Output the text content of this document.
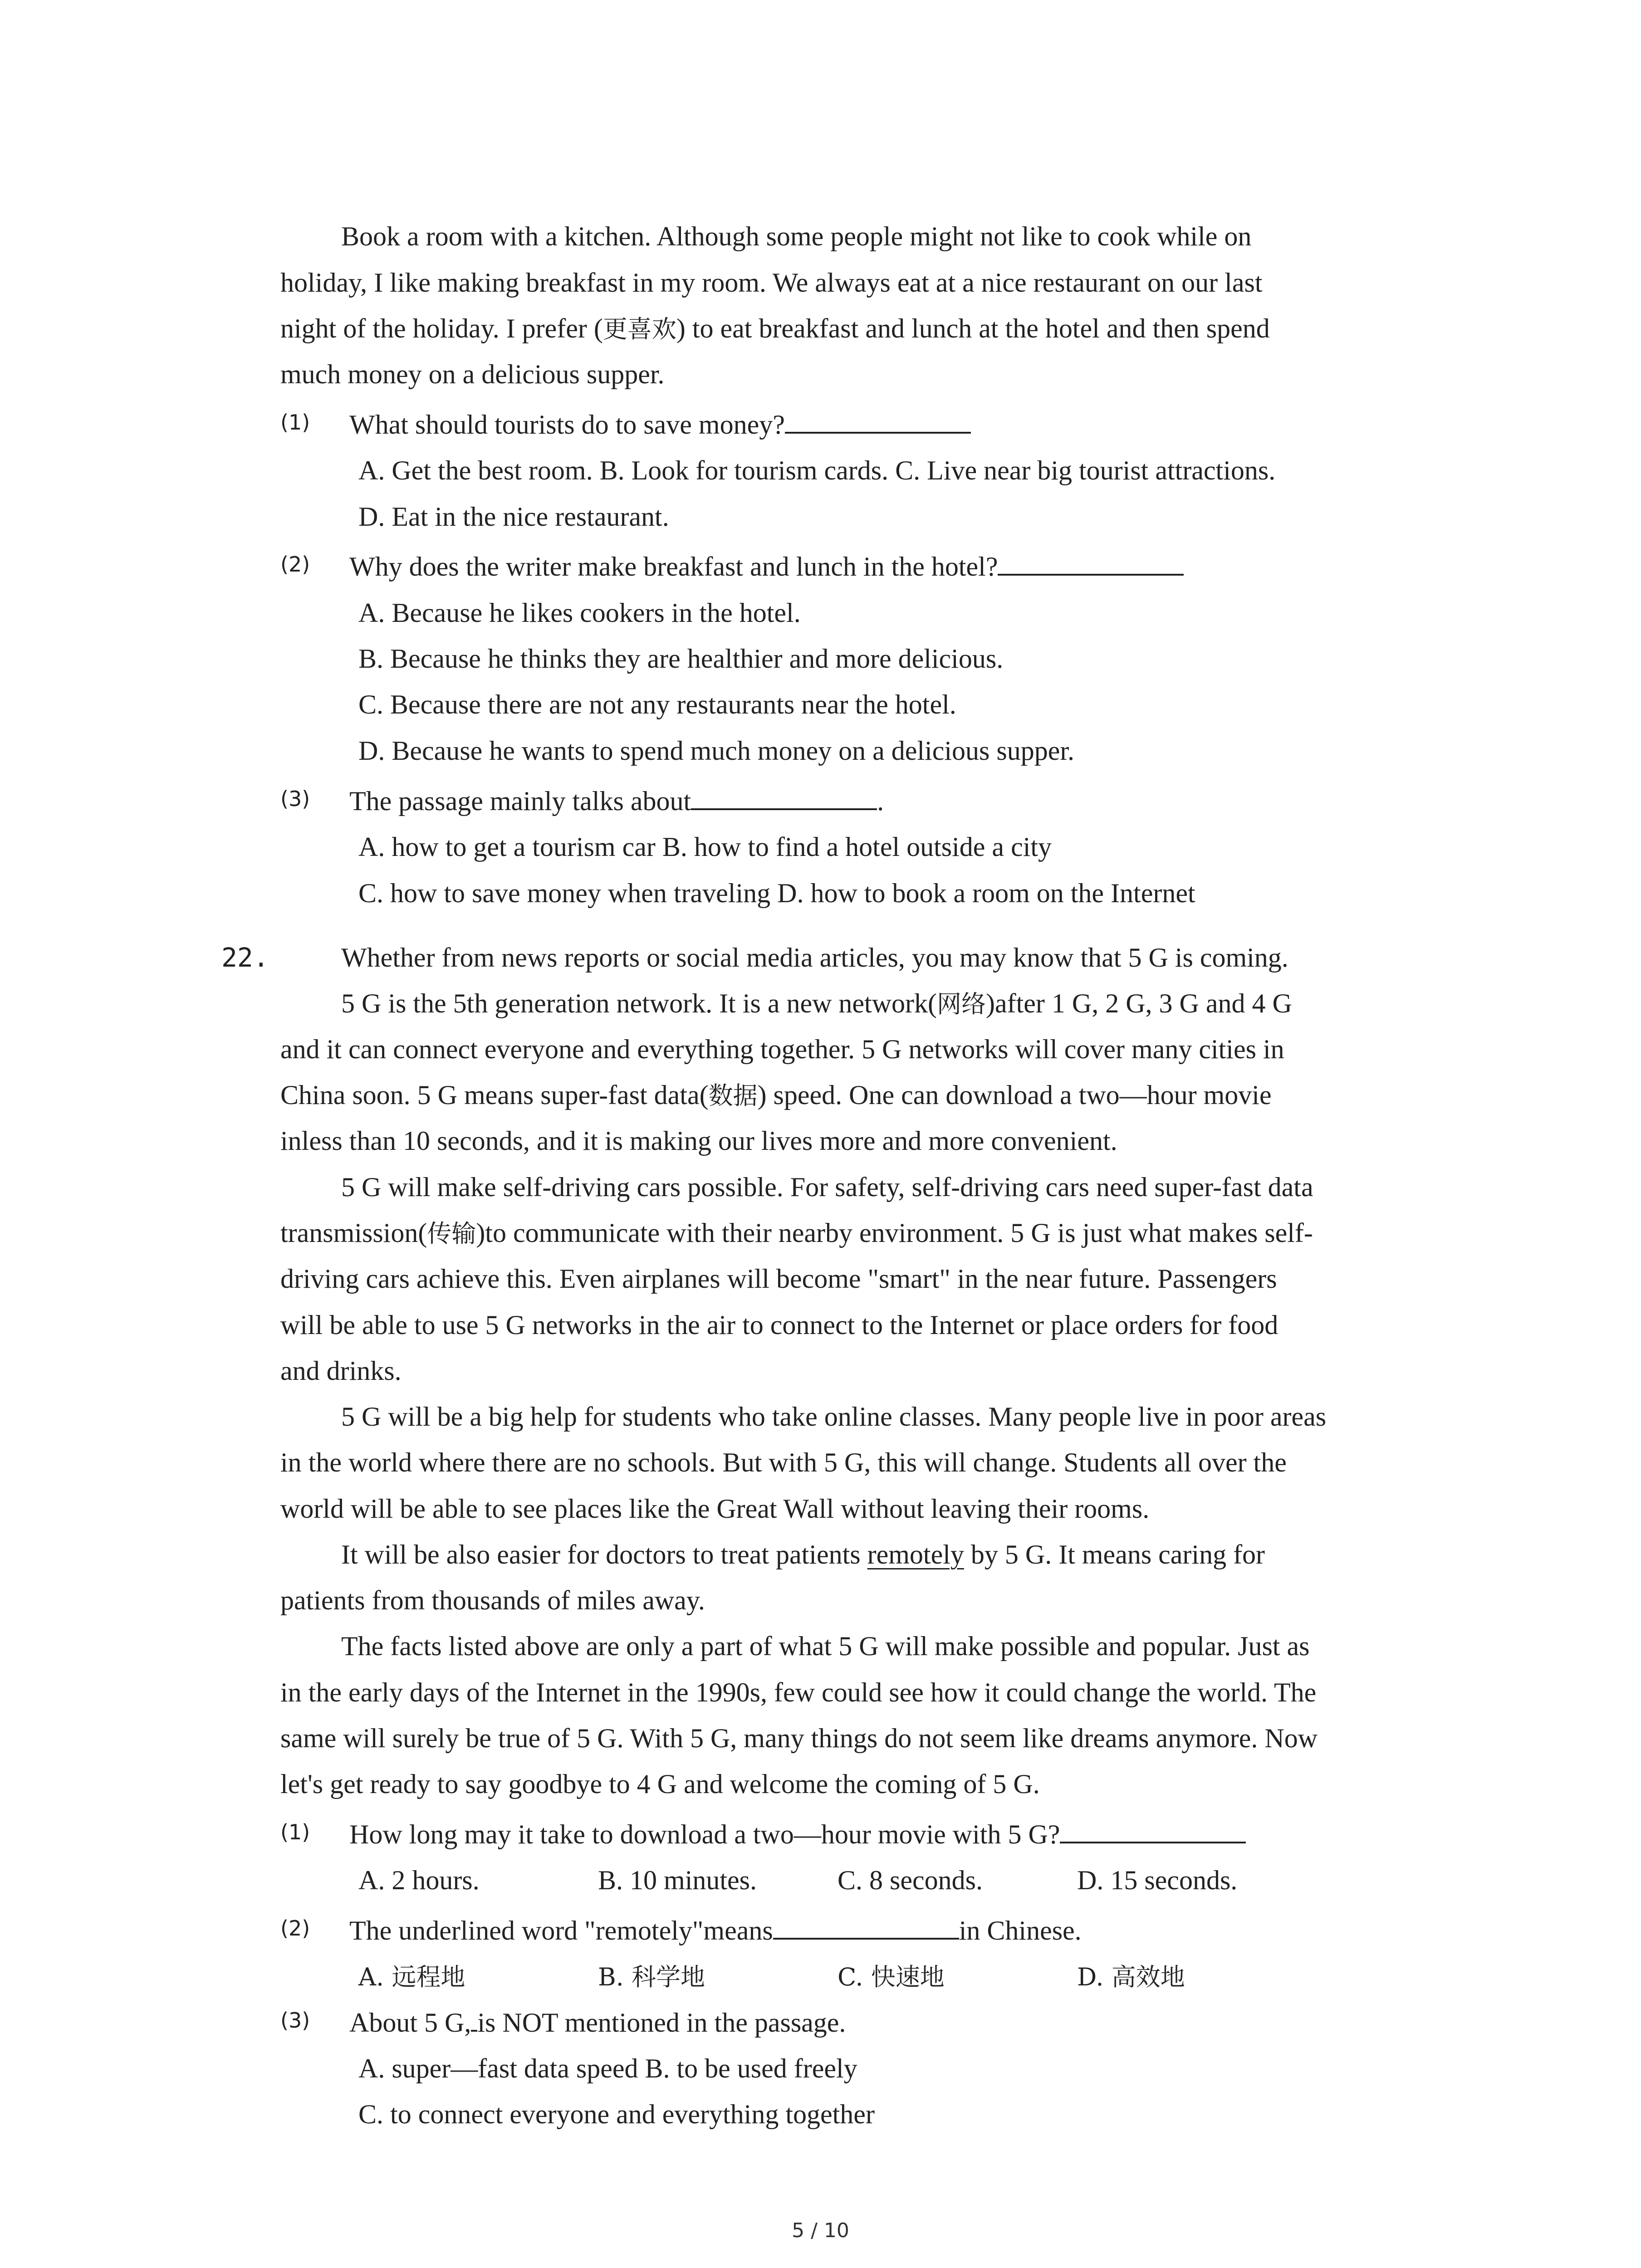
Book a room with a kitchen. Although some people might not like to cook while on
holiday, I like making breakfast in my room. We always eat at a nice restaurant on our last
night of the holiday. I prefer (更喜欢) to eat breakfast and lunch at the hotel and then spend
much money on a delicious supper.
(1) What should tourists do to save money?
A. Get the best room. B. Look for tourism cards. C. Live near big tourist attractions.
D. Eat in the nice restaurant.
(2) Why does the writer make breakfast and lunch in the hotel?
A. Because he likes cookers in the hotel.
B. Because he thinks they are healthier and more delicious.
C. Because there are not any restaurants near the hotel.
D. Because he wants to spend much money on a delicious supper.
(3) The passage mainly talks about	.
A. how to get a tourism car B. how to find a hotel outside a city
C. how to save money when traveling D. how to book a room on the Internet
22.	Whether from news reports or social media articles, you may know that 5 G is coming.
5 G is the 5th generation network. It is a new network(网络)after 1 G, 2 G, 3 G and 4 G
and it can connect everyone and everything together. 5 G networks will cover many cities in
China soon. 5 G means super-fast data(数据) speed. One can download a two—hour movie
inless than 10 seconds, and it is making our lives more and more convenient.
5 G will make self-driving cars possible. For safety, self-driving cars need super-fast data
transmission(传输)to communicate with their nearby environment. 5 G is just what makes self-
driving cars achieve this. Even airplanes will become "smart" in the near future. Passengers
will be able to use 5 G networks in the air to connect to the Internet or place orders for food
and drinks.
5 G will be a big help for students who take online classes. Many people live in poor areas
in the world where there are no schools. But with 5 G, this will change. Students all over the
world will be able to see places like the Great Wall without leaving their rooms.
It will be also easier for doctors to treat patients remotely by 5 G. It means caring for
patients from thousands of miles away.
The facts listed above are only a part of what 5 G will make possible and popular. Just as
in the early days of the Internet in the 1990s, few could see how it could change the world. The
same will surely be true of 5 G. With 5 G, many things do not seem like dreams anymore. Now
let's get ready to say goodbye to 4 G and welcome the coming of 5 G.
(1) How long may it take to download a two—hour movie with 5 G?
A. 2 hours.	B. 10 minutes.	C. 8 seconds.	D. 15 seconds.
(2) The underlined word "remotely"means	in Chinese.
A. 远程地	B. 科学地	C. 快速地	D. 高效地
(3) About 5 G, is NOT mentioned in the passage.
A. super—fast data speed B. to be used freely
C. to connect everyone and everything together
5 / 10
